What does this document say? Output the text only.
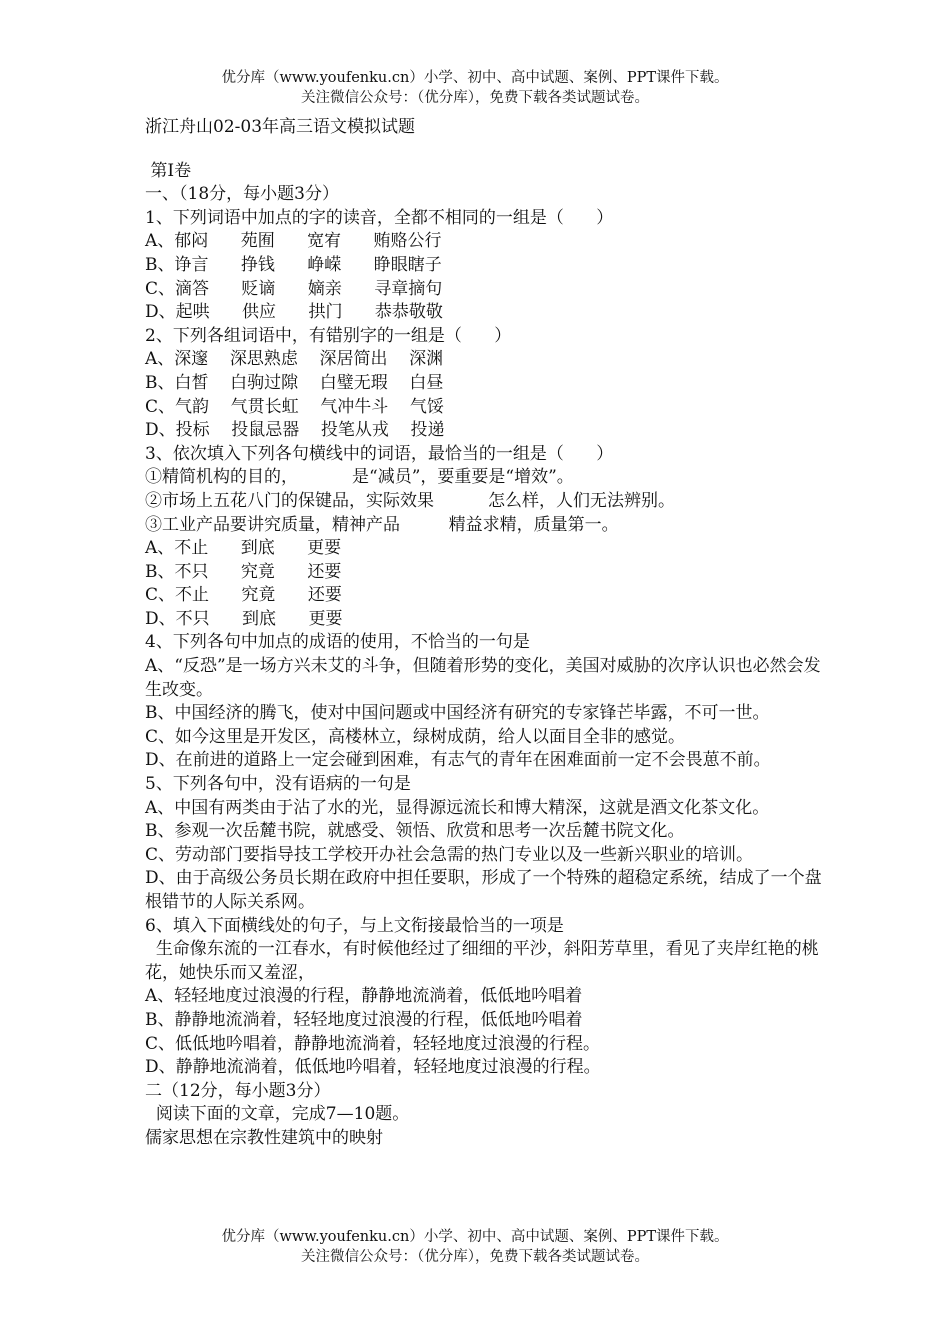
优分库（www.youfenku.cn）小学、初中、高中试题、案例、PPT课件下载。
关注微信公众号：（优分库），免费下载各类试题试卷。
浙江舟山02-03年高三语文模拟试题
第Ⅰ卷
一、（18分，每小题3分）
1、下列词语中加点的字的读音，全都不相同的一组是（      ）
A、郁闷      苑囿      宽宥      贿赂公行
B、诤言      挣钱      峥嵘      睁眼瞎子
C、滴答      贬谪      嫡亲      寻章摘句
D、起哄      供应      拱门      恭恭敬敬
2、下列各组词语中，有错别字的一组是（      ）
A、深邃    深思熟虑    深居简出    深渊
B、白皙    白驹过隙    白璧无瑕    白昼
C、气韵    气贯长虹    气冲牛斗    气馁
D、投标    投鼠忌器    投笔从戎    投递
3、依次填入下列各句横线中的词语，最恰当的一组是（      ）
①精简机构的目的，          是“减员”，要重要是“增效”。
②市场上五花八门的保键品，实际效果          怎么样，人们无法辨别。
③工业产品要讲究质量，精神产品         精益求精，质量第一。
A、不止      到底      更要
B、不只      究竟      还要
C、不止      究竟      还要
D、不只      到底      更要
4、下列各句中加点的成语的使用，不恰当的一句是
A、“反恐”是一场方兴未艾的斗争，但随着形势的变化，美国对威胁的次序认识也必然会发生改变。
B、中国经济的腾飞，使对中国问题或中国经济有研究的专家锋芒毕露，不可一世。
C、如今这里是开发区，高楼林立，绿树成荫，给人以面目全非的感觉。
D、在前进的道路上一定会碰到困难，有志气的青年在困难面前一定不会畏葸不前。
5、下列各句中，没有语病的一句是
A、中国有两类由于沾了水的光，显得源远流长和博大精深，这就是酒文化茶文化。
B、参观一次岳麓书院，就感受、领悟、欣赏和思考一次岳麓书院文化。
C、劳动部门要指导技工学校开办社会急需的热门专业以及一些新兴职业的培训。
D、由于高级公务员长期在政府中担任要职，形成了一个特殊的超稳定系统，结成了一个盘根错节的人际关系网。
6、填入下面横线处的句子，与上文衔接最恰当的一项是
生命像东流的一江春水，有时候他经过了细细的平沙，斜阳芳草里，看见了夹岸红艳的桃花，她快乐而又羞涩，
A、轻轻地度过浪漫的行程，静静地流淌着，低低地吟唱着
B、静静地流淌着，轻轻地度过浪漫的行程，低低地吟唱着
C、低低地吟唱着，静静地流淌着，轻轻地度过浪漫的行程。
D、静静地流淌着，低低地吟唱着，轻轻地度过浪漫的行程。
二（12分，每小题3分）
阅读下面的文章，完成7—10题。
儒家思想在宗教性建筑中的映射
优分库（www.youfenku.cn）小学、初中、高中试题、案例、PPT课件下载。
关注微信公众号：（优分库），免费下载各类试题试卷。
